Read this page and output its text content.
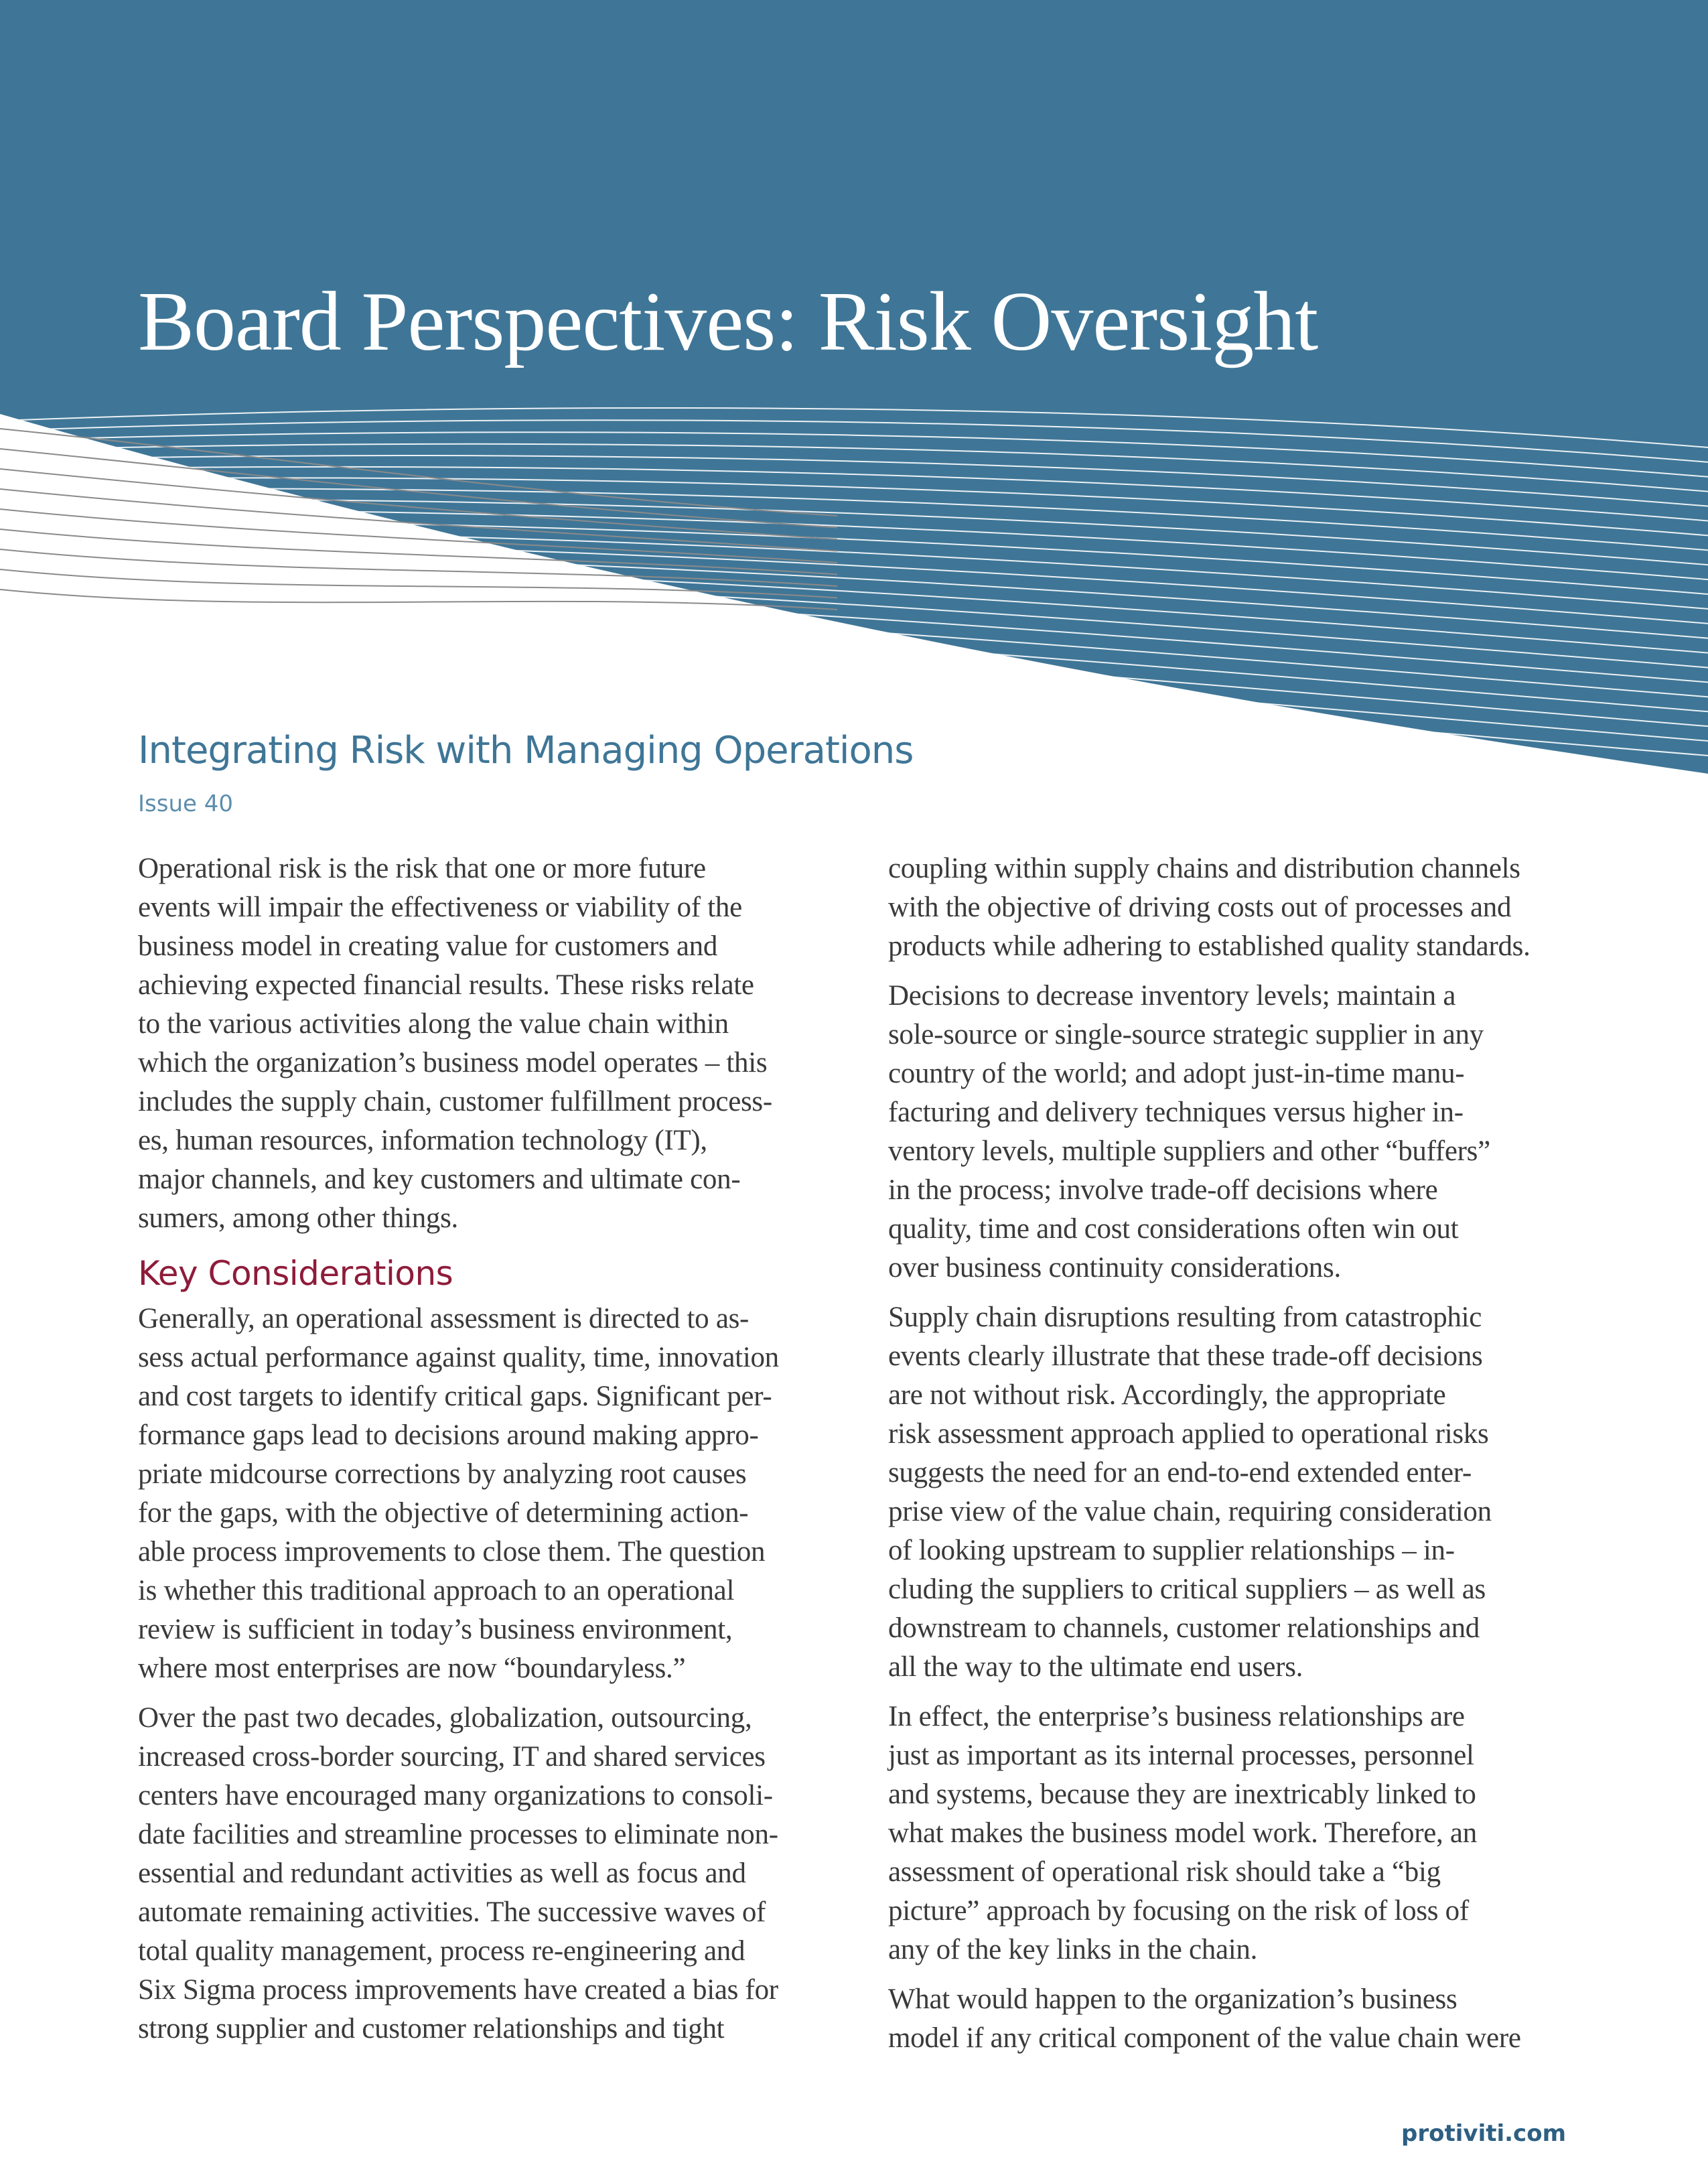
Board Perspectives: Risk Oversight
Integrating Risk with Managing Operations
Issue 40

Operational risk is the risk that one or more future
events will impair the effectiveness or viability of the
business model in creating value for customers and
achieving expected financial results. These risks relate
to the various activities along the value chain within
which the organization’s business model operates – this
includes the supply chain, customer fulfillment process-
es, human resources, information technology (IT),
major channels, and key customers and ultimate con-
sumers, among other things.

Key Considerations

Generally, an operational assessment is directed to as-
sess actual performance against quality, time, innovation
and cost targets to identify critical gaps. Significant per-
formance gaps lead to decisions around making appro-
priate midcourse corrections by analyzing root causes
for the gaps, with the objective of determining action-
able process improvements to close them. The question
is whether this traditional approach to an operational
review is sufficient in today’s business environment,
where most enterprises are now “boundaryless.”

Over the past two decades, globalization, outsourcing,
increased cross-border sourcing, IT and shared services
centers have encouraged many organizations to consoli-
date facilities and streamline processes to eliminate non-
essential and redundant activities as well as focus and
automate remaining activities. The successive waves of
total quality management, process re-engineering and
Six Sigma process improvements have created a bias for
strong supplier and customer relationships and tight

coupling within supply chains and distribution channels
with the objective of driving costs out of processes and
products while adhering to established quality standards.

Decisions to decrease inventory levels; maintain a
sole-source or single-source strategic supplier in any
country of the world; and adopt just-in-time manu-
facturing and delivery techniques versus higher in-
ventory levels, multiple suppliers and other “buffers”
in the process; involve trade-off decisions where
quality, time and cost considerations often win out
over business continuity considerations.

Supply chain disruptions resulting from catastrophic
events clearly illustrate that these trade-off decisions
are not without risk. Accordingly, the appropriate
risk assessment approach applied to operational risks
suggests the need for an end-to-end extended enter-
prise view of the value chain, requiring consideration
of looking upstream to supplier relationships – in-
cluding the suppliers to critical suppliers – as well as
downstream to channels, customer relationships and
all the way to the ultimate end users.

In effect, the enterprise’s business relationships are
just as important as its internal processes, personnel
and systems, because they are inextricably linked to
what makes the business model work. Therefore, an
assessment of operational risk should take a “big
picture” approach by focusing on the risk of loss of
any of the key links in the chain.

What would happen to the organization’s business
model if any critical component of the value chain were

protiviti.com
